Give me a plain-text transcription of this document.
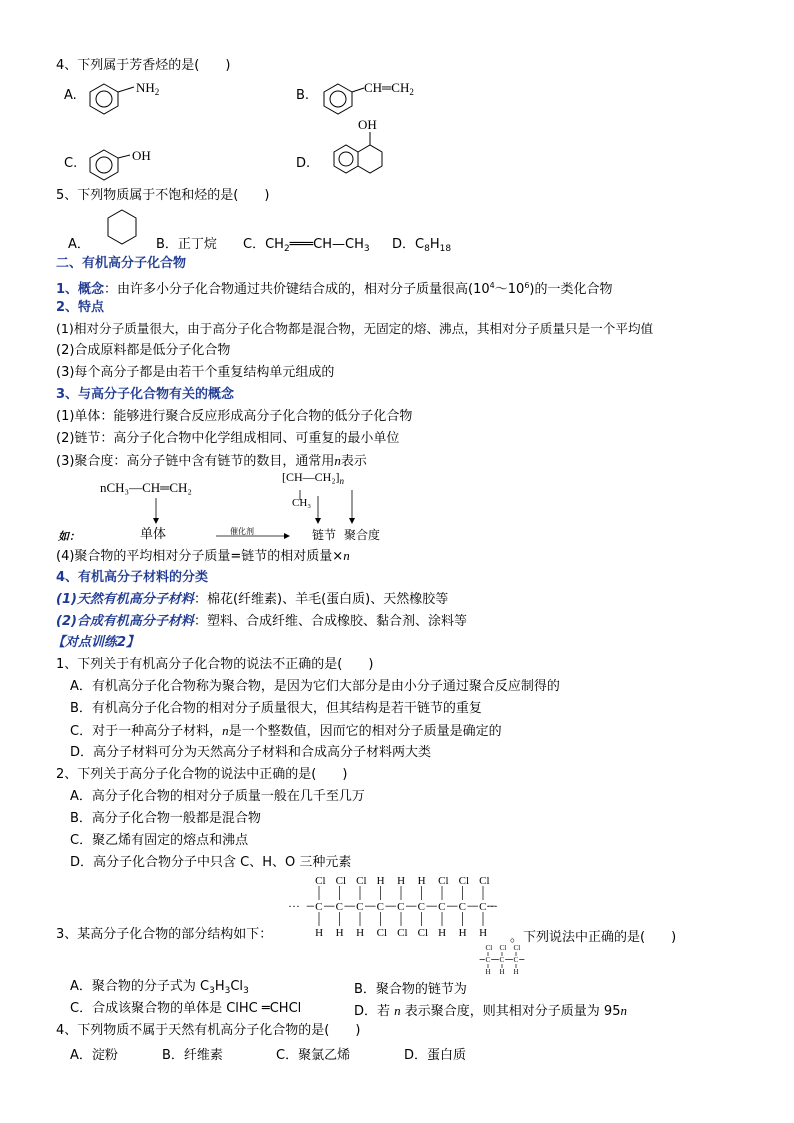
4、下列属于芳香烃的是(　　)
A.
$NH_2$	B.
$CH═CH_2$
C.
OH
D.
OH
5、下列物质属于不饱和烃的是(　　)
A．	B．正丁烷 C．$CH_2═══CH—CH_3$ D．$C_8H_{18}$
二、有机高分子化合物
1、概念：由许多小分子化合物通过共价键结合成的，相对分子质量很高$(10^4\sim 10^6)$的一类化合物
2、特点
(1)相对分子质量很大，由于高分子化合物都是混合物，无固定的熔、沸点，其相对分子质量只是一个平均值
(2)合成原料都是低分子化合物
(3)每个高分子都是由若干个重复结构单元组成的
3、与高分子化合物有关的概念
(1)单体：能够进行聚合反应形成高分子化合物的低分子化合物
(2)链节：高分子化合物中化学组成相同、可重复的最小单位
(3)聚合度：高分子链中含有链节的数目，通常用n表示
nCH₃—CH═CH₂
$[CH—CH_2]_n$
CH₃
如：	单体	催化剂	链节 聚合度
(4)聚合物的平均相对分子质量=链节的相对质量×n
4、有机高分子材料的分类
(1)天然有机高分子材料：棉花(纤维素)、羊毛(蛋白质)、天然橡胶等
(2)合成有机高分子材料：塑料、合成纤维、合成橡胶、黏合剂、涂料等
【对点训练2】
1、下列关于有机高分子化合物的说法不正确的是(　　)
A．有机高分子化合物称为聚合物，是因为它们大部分是由小分子通过聚合反应制得的
B．有机高分子化合物的相对分子质量很大，但其结构是若干链节的重复
C．对于一种高分子材料，n是一个整数值，因而它的相对分子质量是确定的
D．高分子材料可分为天然高分子材料和合成高分子材料两大类
2、下列关于高分子化合物的说法中正确的是(　　)
A．高分子化合物的相对分子质量一般在几千至几万
B．高分子化合物一般都是混合物
C．聚乙烯有固定的熔点和沸点
D．高分子化合物分子中只含 C、H、O 三种元素
···	···
Cl
C
H
Cl
C
H
Cl
C
H
H
C
Cl
H
C
Cl
H
C
Cl
Cl
C
H
Cl
C
H
Cl
C
H
3、某高分子化合物的部分结构如下：	。下列说法中正确的是(　　)
Cl
C
H
Cl
C
H
Cl
C
H
A．聚合物的分子式为 $C_3H_3Cl_3$	B．聚合物的链节为
C．合成该聚合物的单体是 ClHC ═CHCl	D．若 n 表示聚合度，则其相对分子质量为 95n
4、下列物质不属于天然有机高分子化合物的是(　　)
A．淀粉	B．纤维素	C．聚氯乙烯	D．蛋白质
